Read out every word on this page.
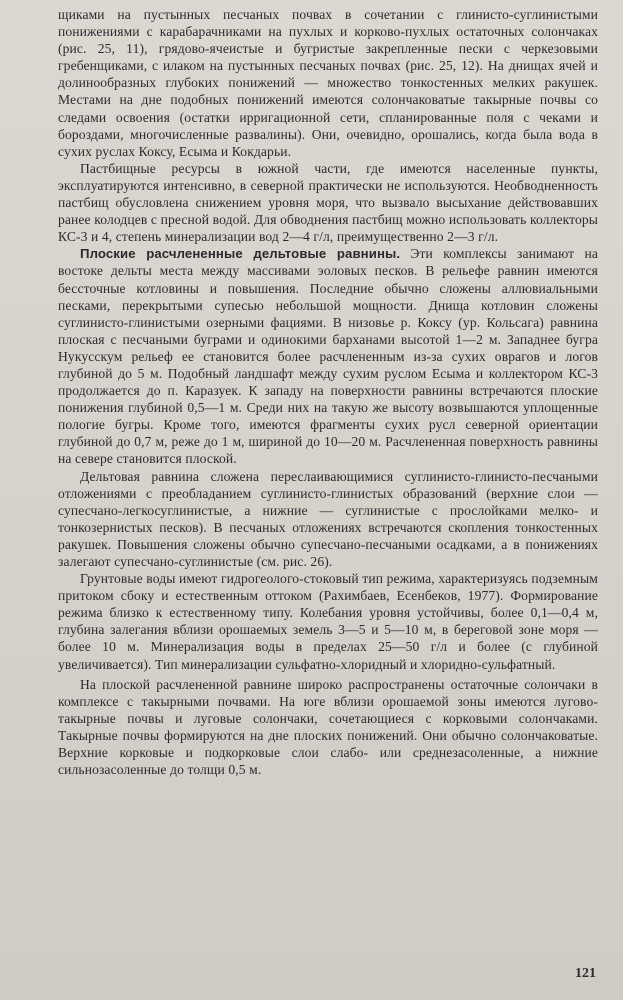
щиками на пустынных песчаных почвах в сочетании с глинисто-суглинистыми понижениями с карабарачниками на пухлых и корково-пухлых остаточных солончаках (рис. 25, 11), грядово-ячеистые и бугристые закрепленные пески с черкезовыми гребенщиками, с илаком на пустынных песчаных почвах (рис. 25, 12). На днищах ячей и долинообразных глубоких понижений — множество тонкостенных мелких ракушек. Местами на дне подобных понижений имеются солончаковатые такырные почвы со следами освоения (остатки ирригационной сети, спланированные поля с чеками и бороздами, многочисленные развалины). Они, очевидно, орошались, когда была вода в сухих руслах Коксу, Есыма и Кокдарьи.

Пастбищные ресурсы в южной части, где имеются населенные пункты, эксплуатируются интенсивно, в северной практически не используются. Необводненность пастбищ обусловлена снижением уровня моря, что вызвало высыхание действовавших ранее колодцев с пресной водой. Для обводнения пастбищ можно использовать коллекторы КС-3 и 4, степень минерализации вод 2—4 г/л, преимущественно 2—3 г/л.

Плоские расчлененные дельтовые равнины. Эти комплексы занимают на востоке дельты места между массивами эоловых песков. В рельефе равнин имеются бессточные котловины и повышения. Последние обычно сложены аллювиальными песками, перекрытыми супесью небольшой мощности. Днища котловин сложены суглинисто-глинистыми озерными фациями. В низовье р. Коксу (ур. Кольсага) равнина плоская с песчаными буграми и одинокими барханами высотой 1—2 м. Западнее бугра Нукусскум рельеф ее становится более расчлененным из-за сухих оврагов и логов глубиной до 5 м. Подобный ландшафт между сухим руслом Есыма и коллектором КС-3 продолжается до п. Каразуек. К западу на поверхности равнины встречаются плоские понижения глубиной 0,5—1 м. Среди них на такую же высоту возвышаются уплощенные пологие бугры. Кроме того, имеются фрагменты сухих русл северной ориентации глубиной до 0,7 м, реже до 1 м, шириной до 10—20 м. Расчлененная поверхность равнины на севере становится плоской.

Дельтовая равнина сложена переслаивающимися суглинисто-глинисто-песчаными отложениями с преобладанием суглинисто-глинистых образований (верхние слои — супесчано-легкосуглинистые, а нижние — суглинистые с прослойками мелко- и тонкозернистых песков). В песчаных отложениях встречаются скопления тонкостенных ракушек. Повышения сложены обычно супесчано-песчаными осадками, а в понижениях залегают супесчано-суглинистые (см. рис. 26).

Грунтовые воды имеют гидрогеолого-стоковый тип режима, характеризуясь подземным притоком сбоку и естественным оттоком (Рахимбаев, Есенбеков, 1977). Формирование режима близко к естественному типу. Колебания уровня устойчивы, более 0,1—0,4 м, глубина залегания вблизи орошаемых земель 3—5 и 5—10 м, в береговой зоне моря — более 10 м. Минерализация воды в пределах 25—50 г/л и более (с глубиной увеличивается). Тип минерализации сульфатно-хлоридный и хлоридно-сульфатный.

На плоской расчлененной равнине широко распространены остаточные солончаки в комплексе с такырными почвами. На юге вблизи орошаемой зоны имеются лугово-такырные почвы и луговые солончаки, сочетающиеся с корковыми солончаками. Такырные почвы формируются на дне плоских понижений. Они обычно солончаковатые. Верхние корковые и подкорковые слои слабо- или среднезасоленные, а нижние сильнозасоленные до толщи 0,5 м.

121
